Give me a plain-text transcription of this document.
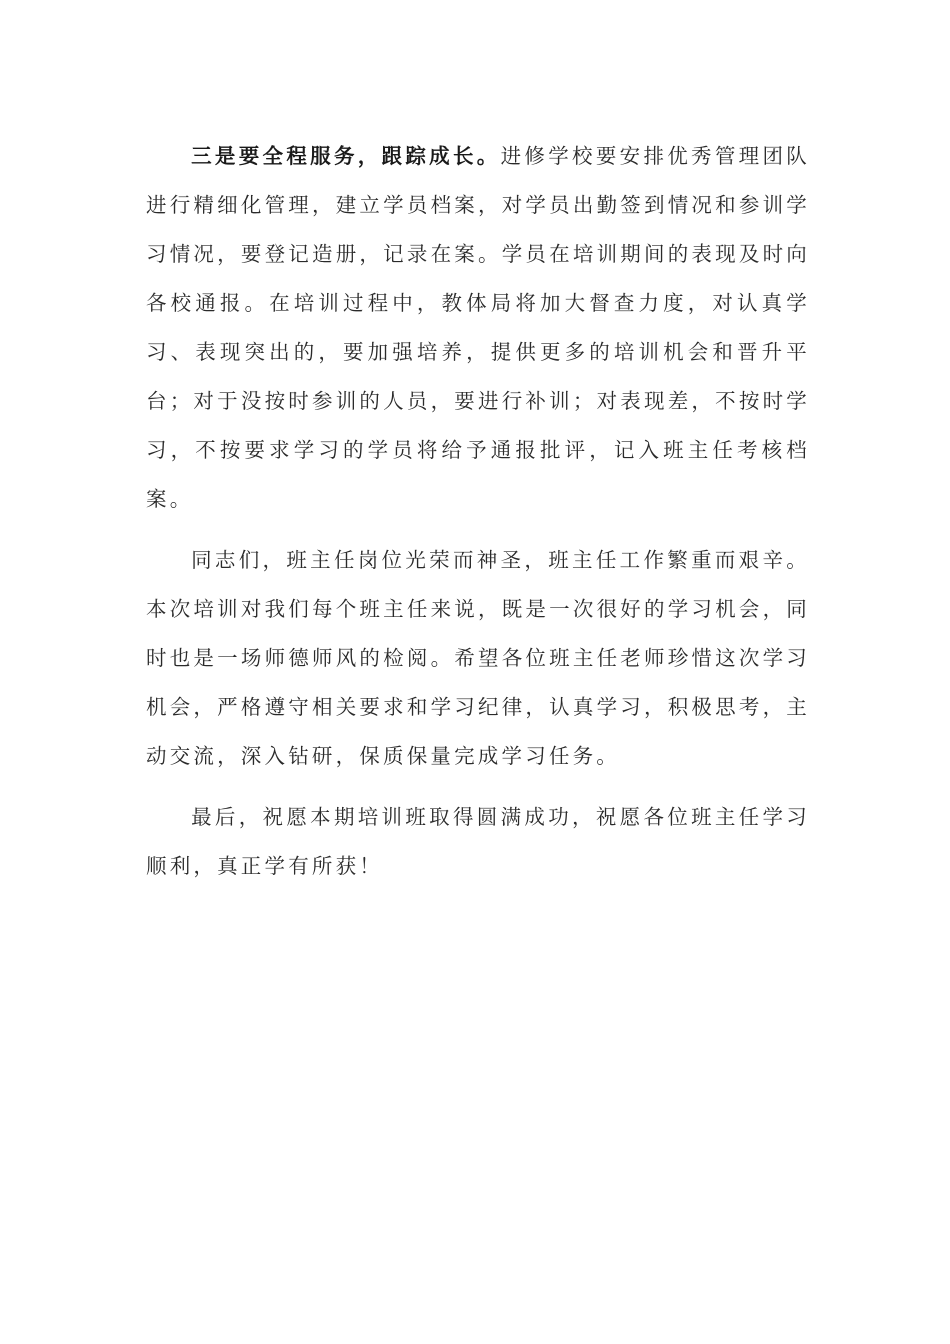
三是要全程服务，跟踪成长。进修学校要安排优秀管理团队进行精细化管理，建立学员档案，对学员出勤签到情况和参训学习情况，要登记造册，记录在案。学员在培训期间的表现及时向各校通报。在培训过程中，教体局将加大督查力度，对认真学习、表现突出的，要加强培养，提供更多的培训机会和晋升平台；对于没按时参训的人员，要进行补训；对表现差，不按时学习，不按要求学习的学员将给予通报批评，记入班主任考核档案。

同志们，班主任岗位光荣而神圣，班主任工作繁重而艰辛。本次培训对我们每个班主任来说，既是一次很好的学习机会，同时也是一场师德师风的检阅。希望各位班主任老师珍惜这次学习机会，严格遵守相关要求和学习纪律，认真学习，积极思考，主动交流，深入钻研，保质保量完成学习任务。

最后，祝愿本期培训班取得圆满成功，祝愿各位班主任学习顺利，真正学有所获！
